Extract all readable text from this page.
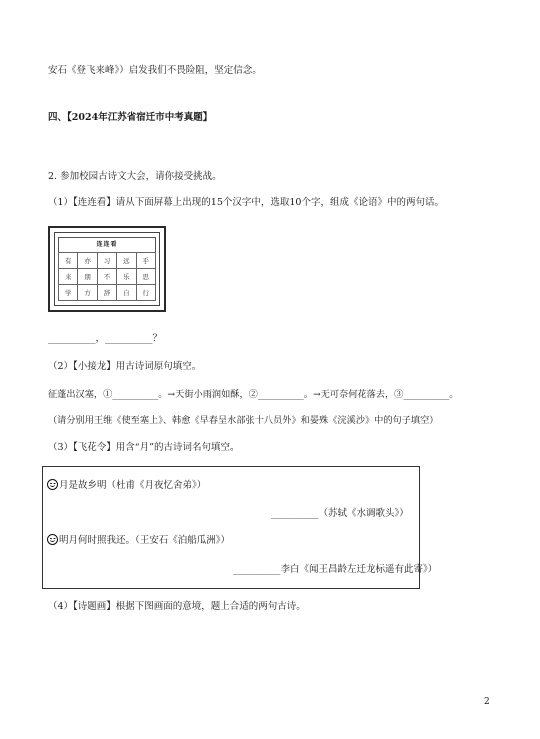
安石《登飞来峰》）启发我们不畏险阻，坚定信念。
四、【2024年江苏省宿迁市中考真题】
2. 参加校园古诗文大会，请你接受挑战。
（1）【连连看】请从下面屏幕上出现的15个汉字中，选取10个字，组成《论语》中的两句话。
连连看
有	亦	习	远	乎
来	朋	不	乐	思
学	方	辞	自	行
__________，__________？
（2）【小接龙】用古诗词原句填空。
征蓬出汉塞，①__________。→天街小雨润如酥，②__________。→无可奈何花落去，③__________。
（请分别用王维《使至塞上》、韩愈《早春呈水部张十八员外》和晏殊《浣溪沙》中的句子填空）
（3）【飞花令】用含“月”的古诗词名句填空。
月是故乡明（杜甫《月夜忆舍弟》）
__________（苏轼《水调歌头》）
明月何时照我还。（王安石《泊船瓜洲》）
__________李白《闻王昌龄左迁龙标遥有此寄》）
（4）【诗题画】根据下图画面的意境，题上合适的两句古诗。
2
